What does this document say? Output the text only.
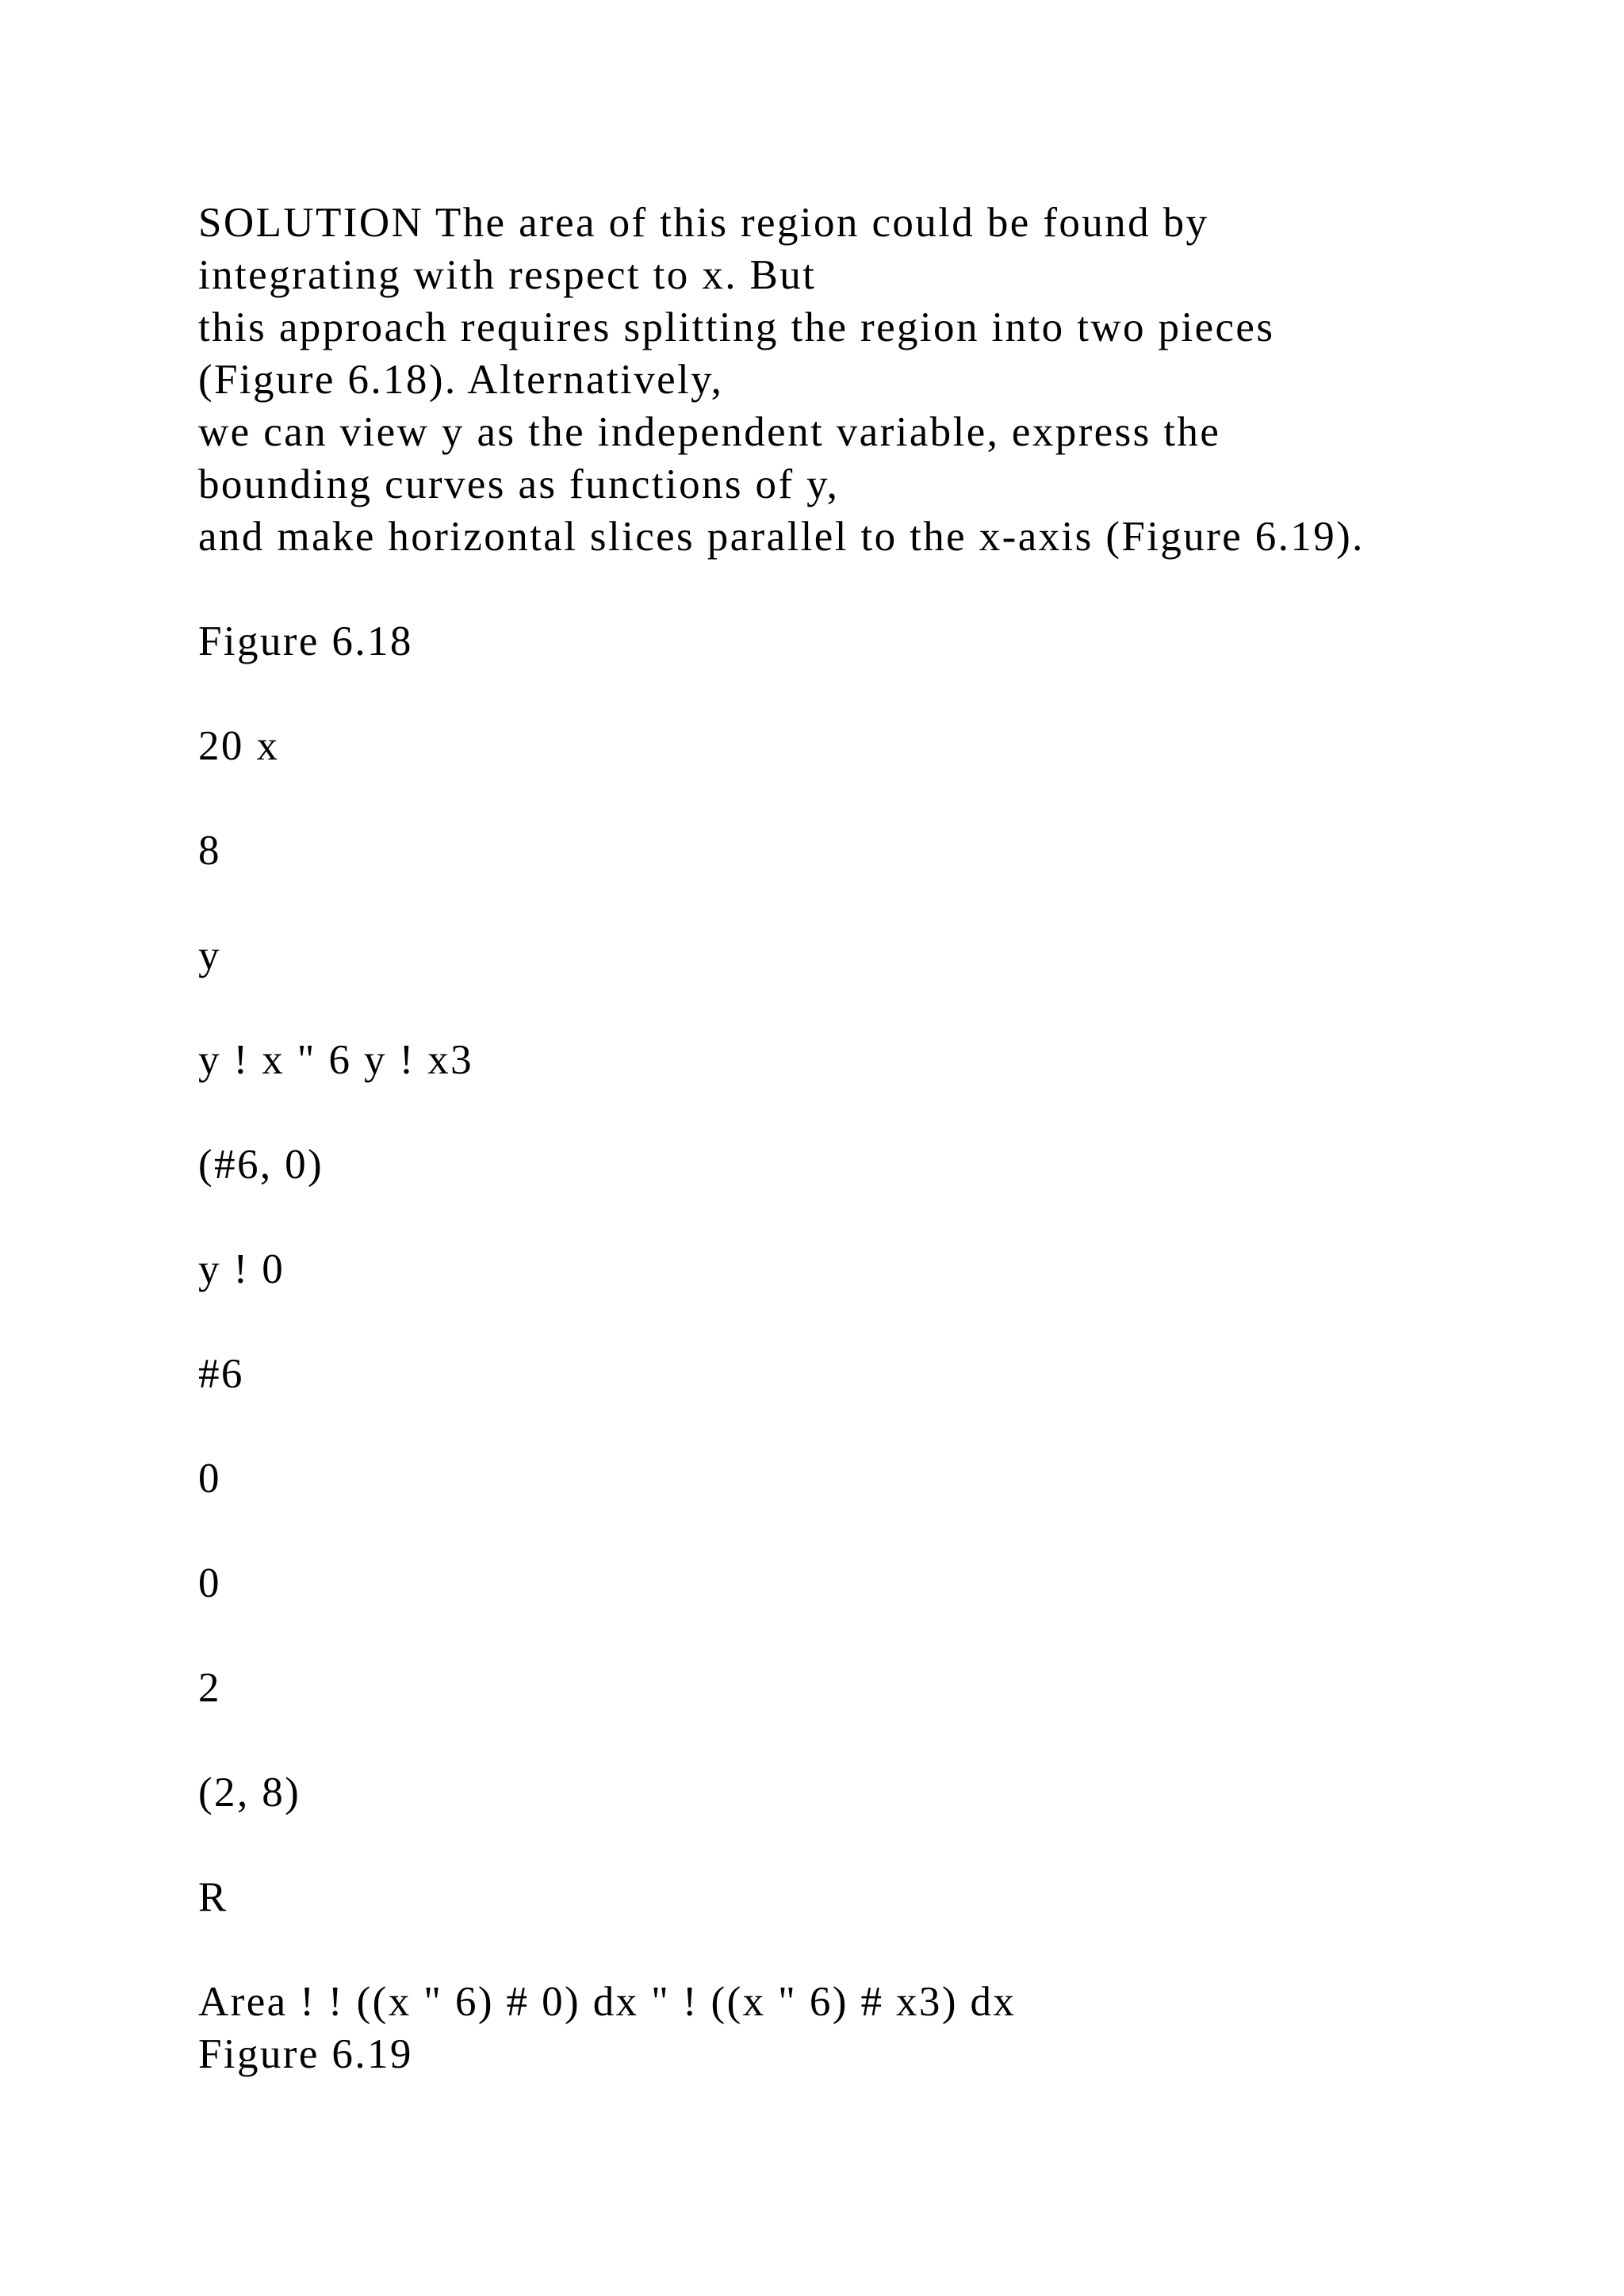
SOLUTION The area of this region could be found by
integrating with respect to x. But
this approach requires splitting the region into two pieces
(Figure 6.18). Alternatively,
we can view y as the independent variable, express the
bounding curves as functions of y,
and make horizontal slices parallel to the x-axis (Figure 6.19).
Figure 6.18
20 x
8
y
y ! x " 6 y ! x3
(#6, 0)
y ! 0
#6
0
0
2
(2, 8)
R
Area ! ! ((x " 6) # 0) dx " ! ((x " 6) # x3) dx
Figure 6.19
